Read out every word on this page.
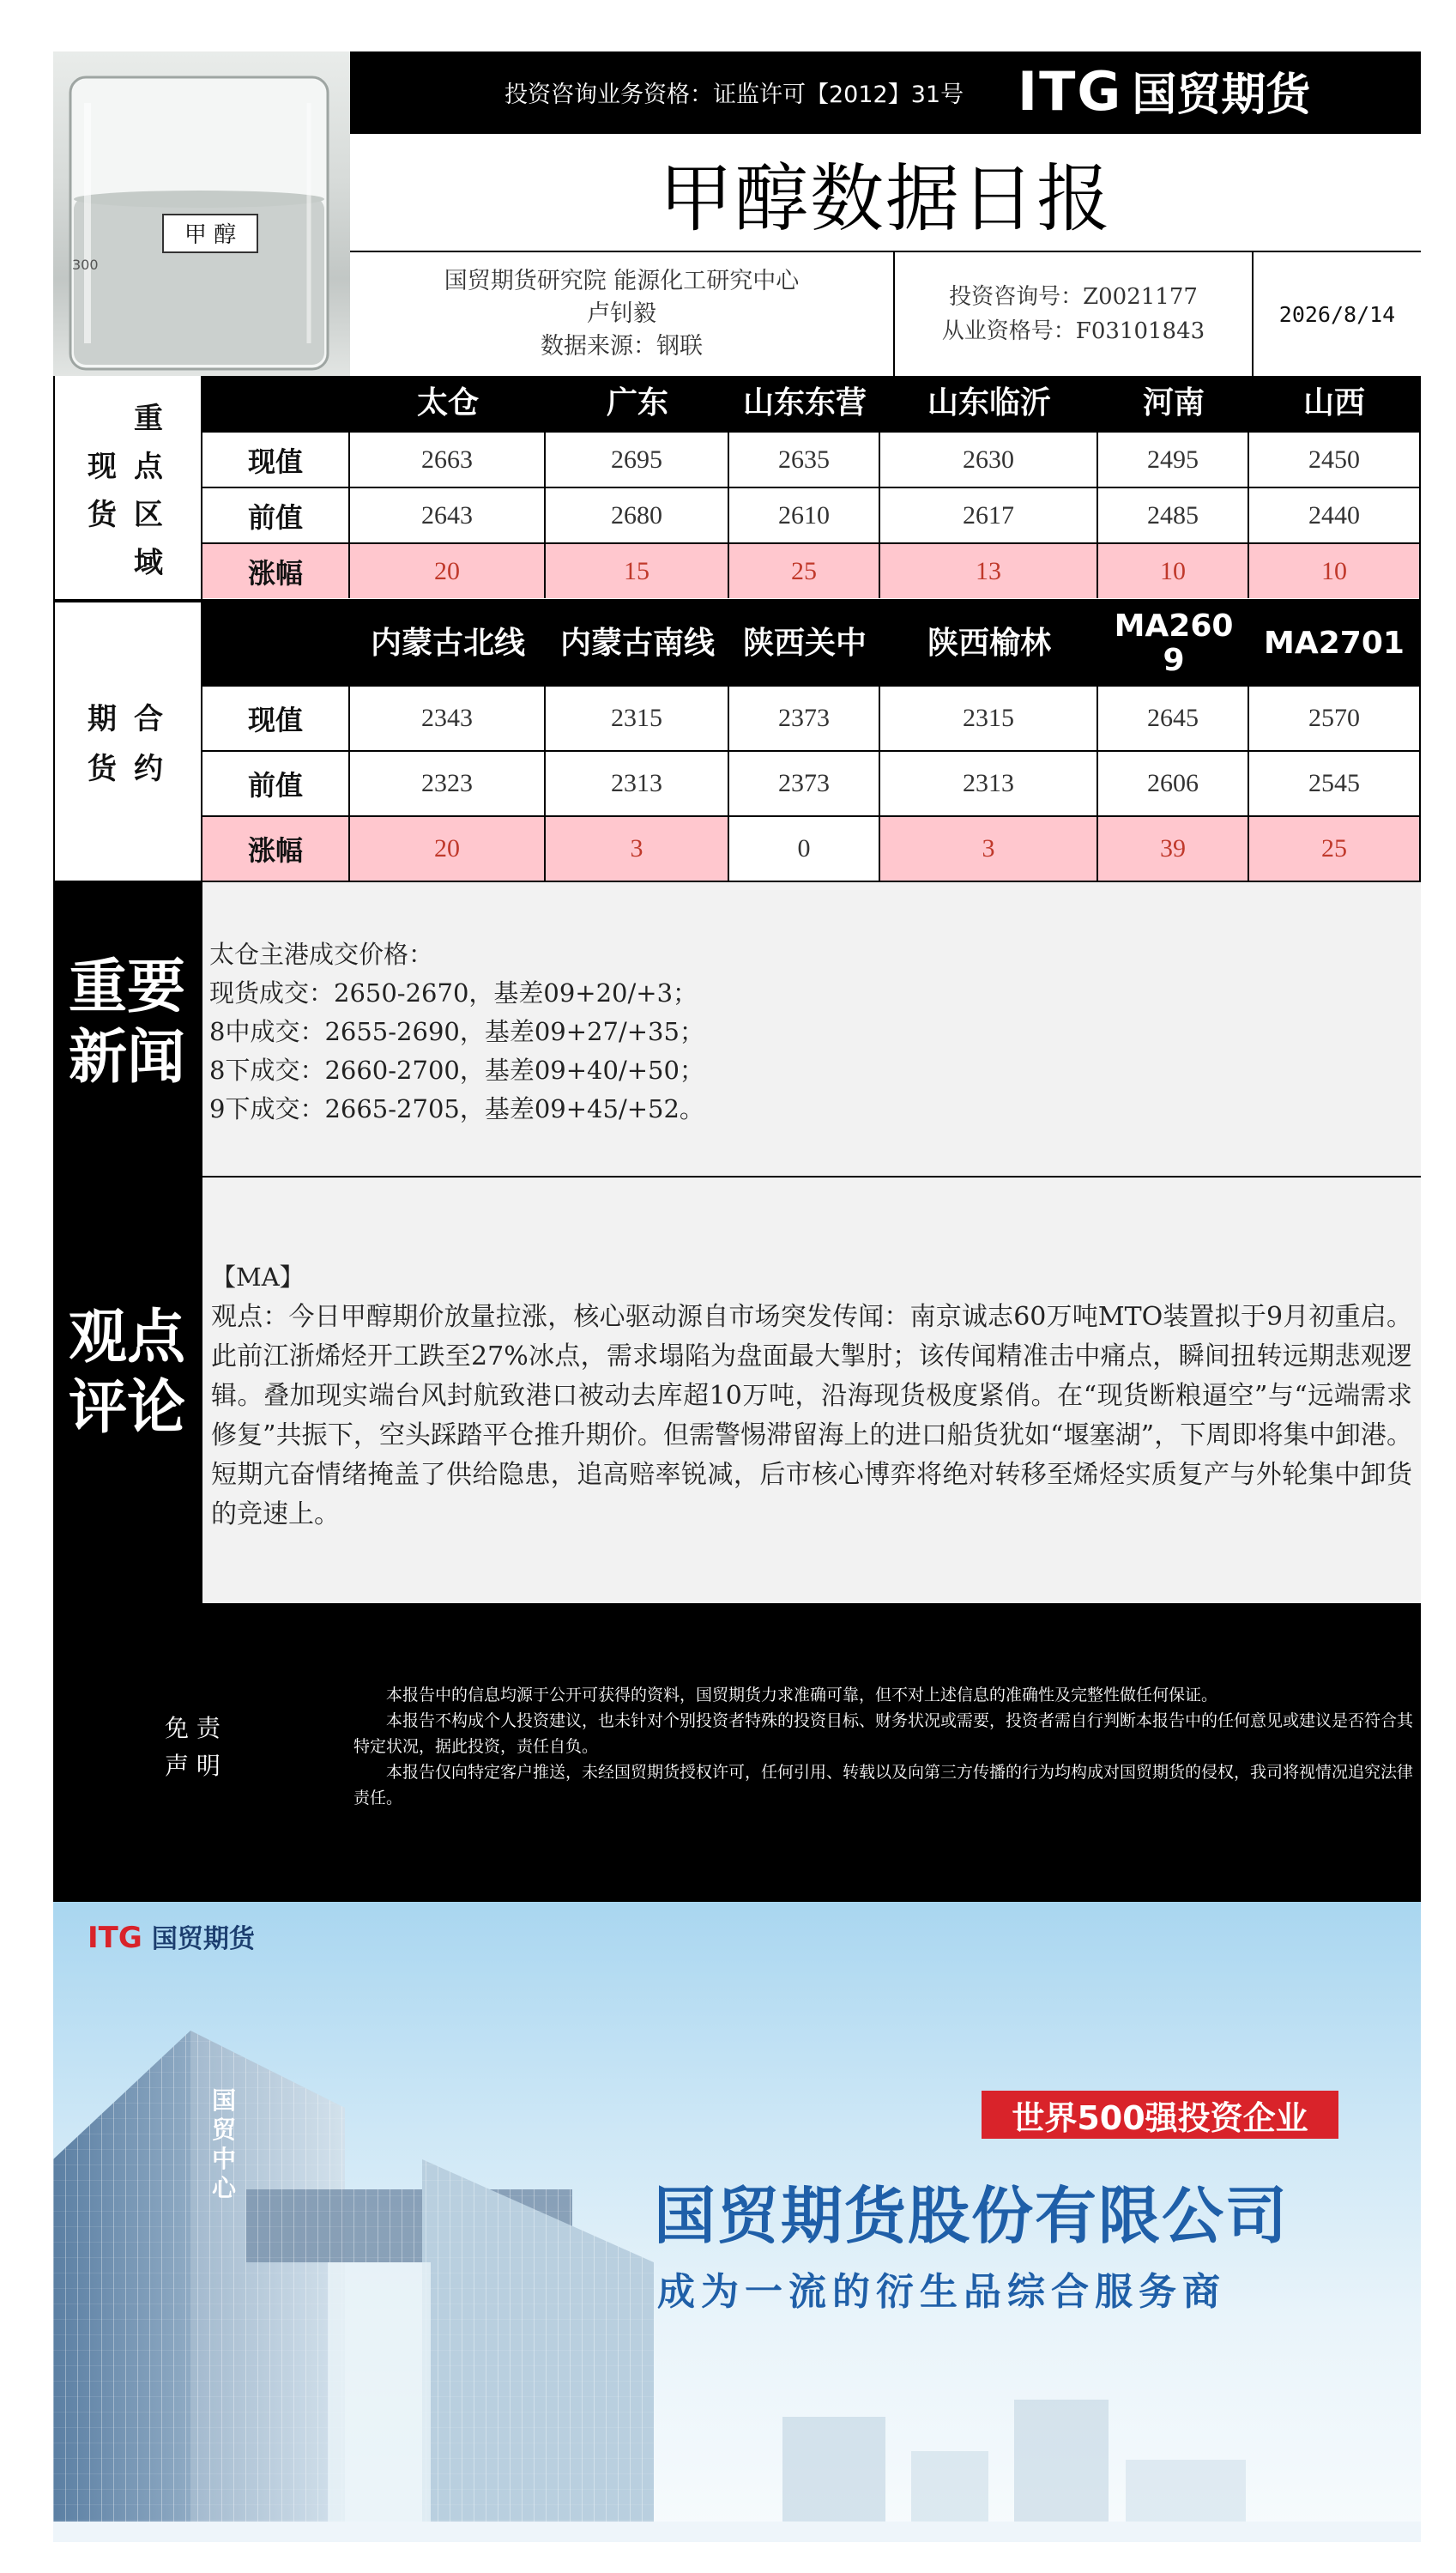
甲 醇
300
投资咨询业务资格：证监许可【2012】31号 ITG 国贸期货
甲醇数据日报
国贸期货研究院 能源化工研究中心
卢钊毅
数据来源：钢联
投资咨询号：Z0021177
从业资格号：F03101843
2026/8/14
重
现 点
货 区
域
太仓	广东	山东东营	山东临沂	河南	山西
现值	2663	2695	2635	2630	2495	2450
前值	2643	2680	2610	2617	2485	2440
涨幅	20	15	25	13	10	10
期 合
货 约
内蒙古北线	内蒙古南线 陕西关中	陕西榆林	MA2609	MA2701
现值	2343	2315	2373	2315	2645	2570
前值	2323	2313	2373	2313	2606	2545
涨幅	20	3	0	3	39	25
重要
新闻
太仓主港成交价格：
现货成交：2650-2670，基差09+20/+3；
8中成交：2655-2690，基差09+27/+35；
8下成交：2660-2700，基差09+40/+50；
9下成交：2665-2705，基差09+45/+52。
观点
评论
【MA】
观点：今日甲醇期价放量拉涨，核心驱动源自市场突发传闻：南京诚志60万吨MTO装置拟于9月初重启。此前江浙烯烃开工跌至27%冰点，需求塌陷为盘面最大掣肘；该传闻精准击中痛点，瞬间扭转远期悲观逻辑。叠加现实端台风封航致港口被动去库超10万吨，沿海现货极度紧俏。在“现货断粮逼空”与“远端需求修复”共振下，空头踩踏平仓推升期价。但需警惕滞留海上的进口船货犹如“堰塞湖”，下周即将集中卸港。短期亢奋情绪掩盖了供给隐患，追高赔率锐减，后市核心博弈将绝对转移至烯烃实质复产与外轮集中卸货的竞速上。
免 责
声 明
本报告中的信息均源于公开可获得的资料，国贸期货力求准确可靠，但不对上述信息的准确性及完整性做任何保证。
本报告不构成个人投资建议，也未针对个别投资者特殊的投资目标、财务状况或需要，投资者需自行判断本报告中的任何意见或建议是否符合其特定状况，据此投资，责任自负。
本报告仅向特定客户推送，未经国贸期货授权许可，任何引用、转载以及向第三方传播的行为均构成对国贸期货的侵权，我司将视情况追究法律责任。
国贸中心
ITG 国贸期货
世界500强投资企业
国贸期货股份有限公司
成为一流的衍生品综合服务商
